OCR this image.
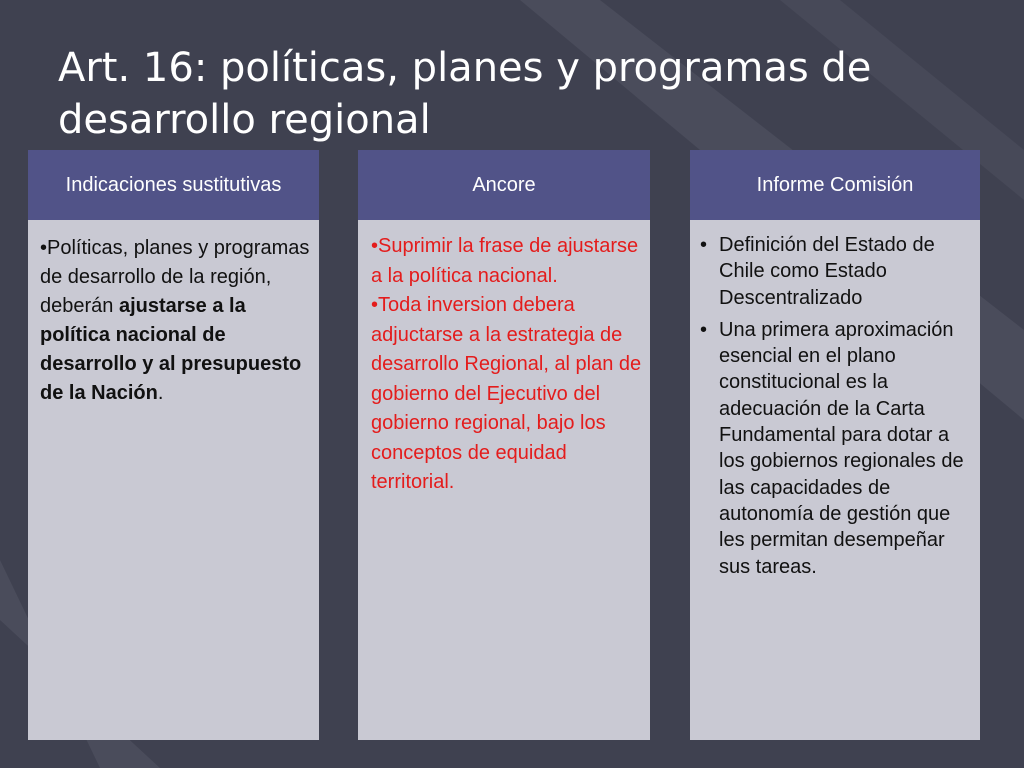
Art. 16: políticas, planes y programas de desarrollo regional
Indicaciones sustitutivas
•Políticas, planes y programas de desarrollo de la región, deberán ajustarse a la política nacional de desarrollo y al presupuesto de la Nación.
Ancore

•Suprimir la frase de ajustarse a la política nacional.

•Toda inversion debera adjuctarse a la estrategia de desarrollo Regional, al plan de gobierno del Ejecutivo del gobierno regional, bajo los conceptos de equidad territorial.

Informe Comisión
• Definición del Estado de Chile como Estado Descentralizado
• Una primera aproximación esencial en el plano constitucional es la adecuación de la Carta Fundamental para dotar a los gobiernos regionales de las capacidades de autonomía de gestión que les permitan desempeñar sus tareas.
